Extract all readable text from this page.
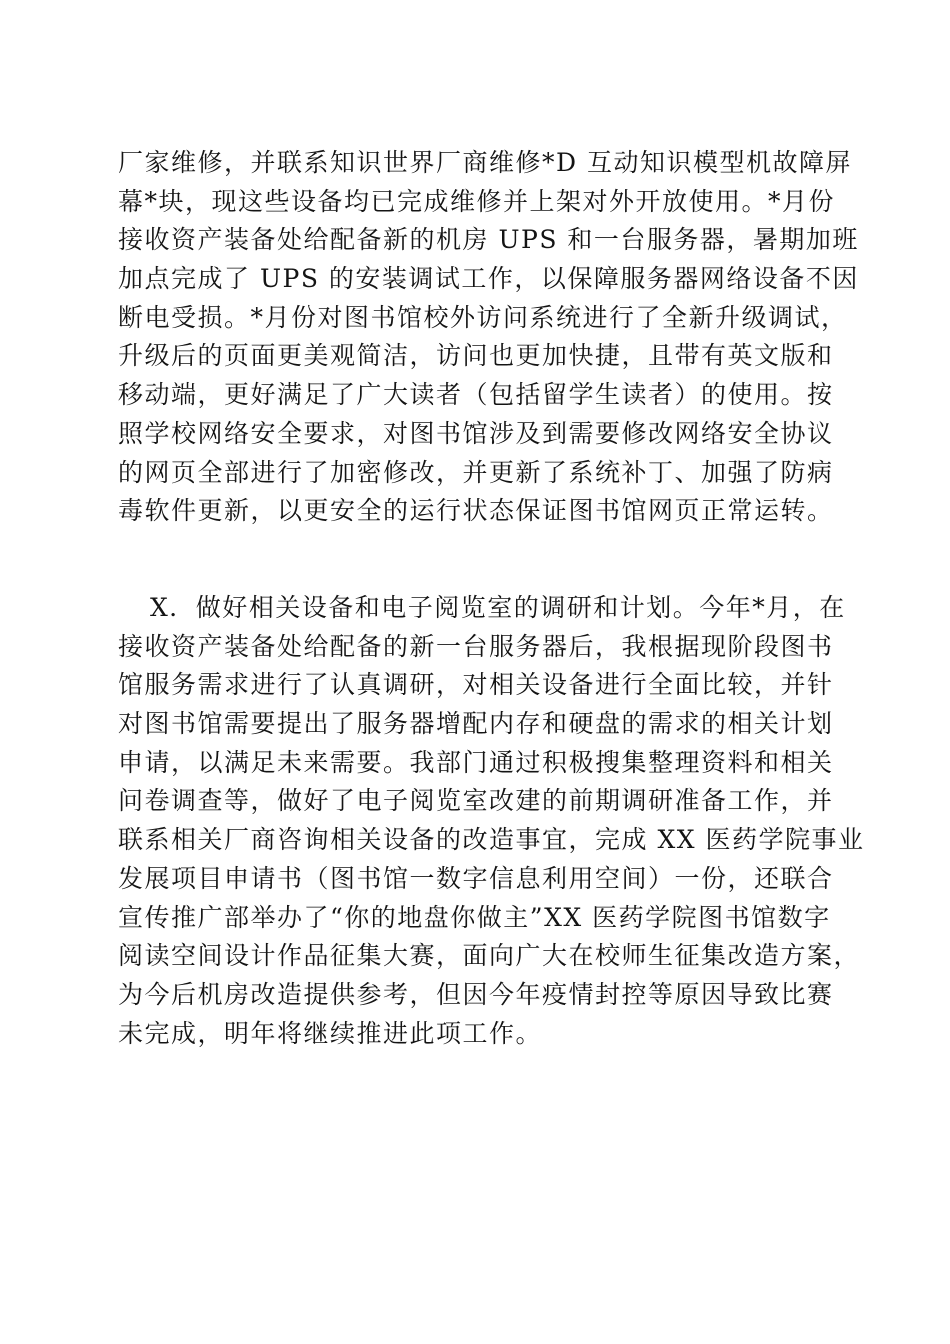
厂家维修，并联系知识世界厂商维修*D 互动知识模型机故障屏
幕*块，现这些设备均已完成维修并上架对外开放使用。*月份
接收资产装备处给配备新的机房 UPS 和一台服务器，暑期加班
加点完成了 UPS 的安装调试工作，以保障服务器网络设备不因
断电受损。*月份对图书馆校外访问系统进行了全新升级调试，
升级后的页面更美观简洁，访问也更加快捷，且带有英文版和
移动端，更好满足了广大读者（包括留学生读者）的使用。按
照学校网络安全要求，对图书馆涉及到需要修改网络安全协议
的网页全部进行了加密修改，并更新了系统补丁、加强了防病
毒软件更新，以更安全的运行状态保证图书馆网页正常运转。
X．做好相关设备和电子阅览室的调研和计划。今年*月，在
接收资产装备处给配备的新一台服务器后，我根据现阶段图书
馆服务需求进行了认真调研，对相关设备进行全面比较，并针
对图书馆需要提出了服务器增配内存和硬盘的需求的相关计划
申请，以满足未来需要。我部门通过积极搜集整理资料和相关
问卷调查等，做好了电子阅览室改建的前期调研准备工作，并
联系相关厂商咨询相关设备的改造事宜，完成 XX 医药学院事业
发展项目申请书（图书馆一数字信息利用空间）一份，还联合
宣传推广部举办了“你的地盘你做主”XX 医药学院图书馆数字
阅读空间设计作品征集大赛，面向广大在校师生征集改造方案，
为今后机房改造提供参考，但因今年疫情封控等原因导致比赛
未完成，明年将继续推进此项工作。
